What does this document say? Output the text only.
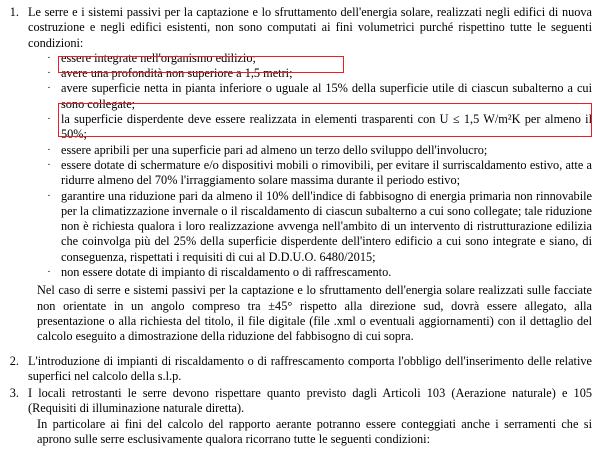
1. Le serre e i sistemi passivi per la captazione e lo sfruttamento dell'energia solare, realizzati negli edifici di nuova costruzione e negli edifici esistenti, non sono computati ai fini volumetrici purché rispettino tutte le seguenti condizioni:
· essere integrate nell'organismo edilizio;
· avere una profondità non superiore a 1,5 metri;
· avere superficie netta in pianta inferiore o uguale al 15% della superficie utile di ciascun subalterno a cui sono collegate;
· la superficie disperdente deve essere realizzata in elementi trasparenti con U ≤ 1,5 W/m²K per almeno il 50%;
· essere apribili per una superficie pari ad almeno un terzo dello sviluppo dell'involucro;
· essere dotate di schermature e/o dispositivi mobili o rimovibili, per evitare il surriscaldamento estivo, atte a ridurre almeno del 70% l'irraggiamento solare massima durante il periodo estivo;
· garantire una riduzione pari da almeno il 10% dell'indice di fabbisogno di energia primaria non rinnovabile per la climatizzazione invernale o il riscaldamento di ciascun subalterno a cui sono collegate; tale riduzione non è richiesta qualora i loro realizzazione avvenga nell'ambito di un intervento di ristrutturazione edilizia che coinvolga più del 25% della superficie disperdente dell'intero edificio a cui sono integrate e siano, di conseguenza, rispettati i requisiti di cui al D.D.U.O. 6480/2015;
· non essere dotate di impianto di riscaldamento o di raffrescamento.
Nel caso di serre e sistemi passivi per la captazione e lo sfruttamento dell'energia solare realizzati sulle facciate non orientate in un angolo compreso tra ±45° rispetto alla direzione sud, dovrà essere allegato, alla presentazione o alla richiesta del titolo, il file digitale (file .xml o eventuali aggiornamenti) con il dettaglio del calcolo eseguito a dimostrazione della riduzione del fabbisogno di cui sopra.
2. L'introduzione di impianti di riscaldamento o di raffrescamento comporta l'obbligo dell'inserimento delle relative superfici nel calcolo della s.l.p.
3. I locali retrostanti le serre devono rispettare quanto previsto dagli Articoli 103 (Aerazione naturale) e 105 (Requisiti di illuminazione naturale diretta).
In particolare ai fini del calcolo del rapporto aerante potranno essere conteggiati anche i serramenti che si aprono sulle serre esclusivamente qualora ricorrano tutte le seguenti condizioni:
